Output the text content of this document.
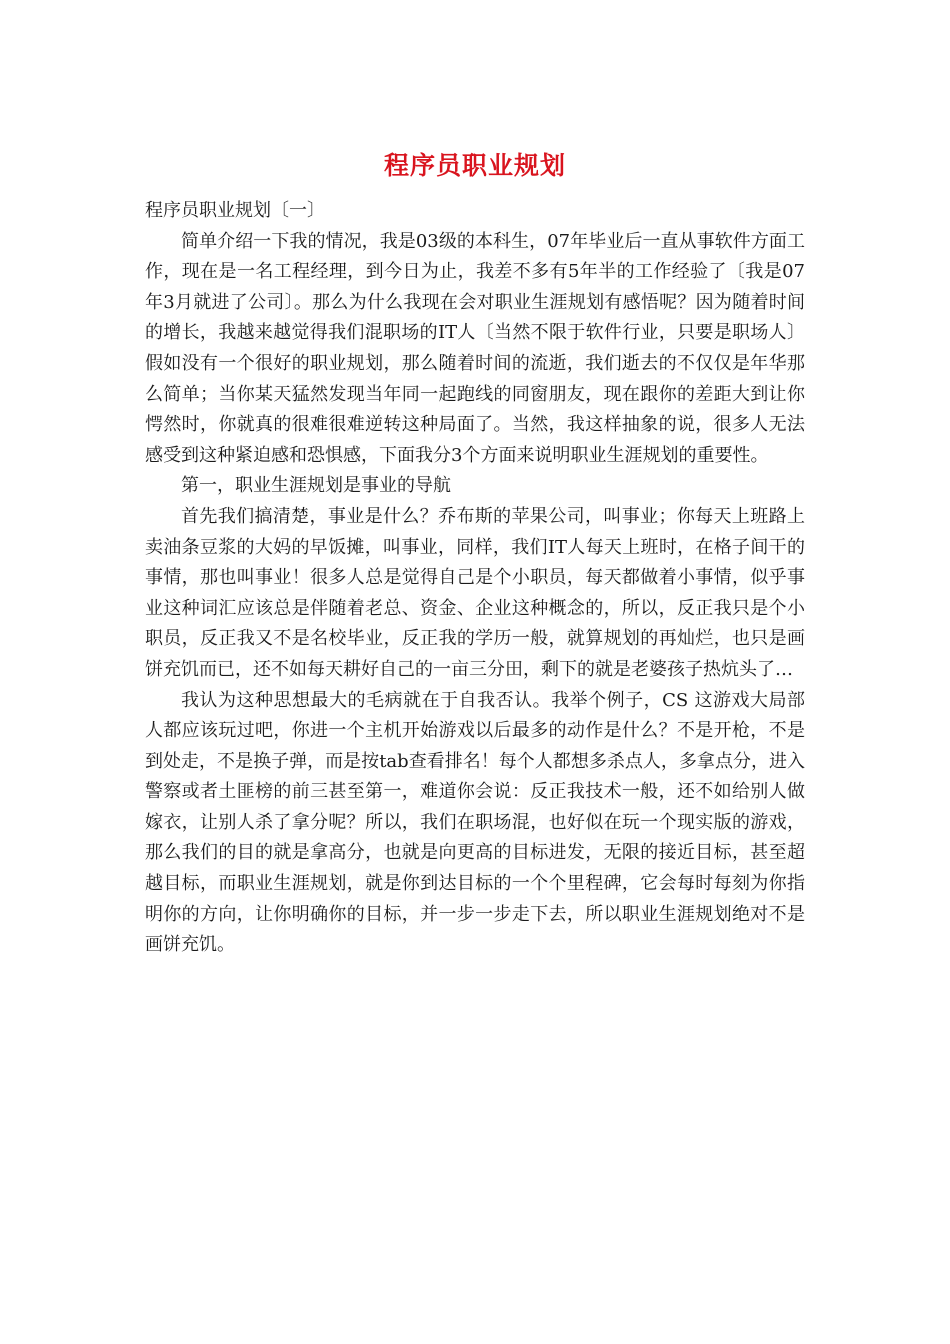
程序员职业规划

程序员职业规划〔一〕

简单介绍一下我的情况，我是03级的本科生，07年毕业后一直从事软件方面工作，现在是一名工程经理，到今日为止，我差不多有5年半的工作经验了〔我是07年3月就进了公司〕。那么为什么我现在会对职业生涯规划有感悟呢？因为随着时间的增长，我越来越觉得我们混职场的IT人〔当然不限于软件行业，只要是职场人〕假如没有一个很好的职业规划，那么随着时间的流逝，我们逝去的不仅仅是年华那么简单；当你某天猛然发现当年同一起跑线的同窗朋友，现在跟你的差距大到让你愕然时，你就真的很难很难逆转这种局面了。当然，我这样抽象的说，很多人无法感受到这种紧迫感和恐惧感，下面我分3个方面来说明职业生涯规划的重要性。

第一，职业生涯规划是事业的导航

首先我们搞清楚，事业是什么？乔布斯的苹果公司，叫事业；你每天上班路上卖油条豆浆的大妈的早饭摊，叫事业，同样，我们IT人每天上班时，在格子间干的事情，那也叫事业！很多人总是觉得自己是个小职员，每天都做着小事情，似乎事业这种词汇应该总是伴随着老总、资金、企业这种概念的，所以，反正我只是个小职员，反正我又不是名校毕业，反正我的学历一般，就算规划的再灿烂，也只是画饼充饥而已，还不如每天耕好自己的一亩三分田，剩下的就是老婆孩子热炕头了…

我认为这种思想最大的毛病就在于自我否认。我举个例子，CS 这游戏大局部人都应该玩过吧，你进一个主机开始游戏以后最多的动作是什么？不是开枪，不是到处走，不是换子弹，而是按tab查看排名！每个人都想多杀点人，多拿点分，进入警察或者土匪榜的前三甚至第一，难道你会说：反正我技术一般，还不如给别人做嫁衣，让别人杀了拿分呢？所以，我们在职场混，也好似在玩一个现实版的游戏，那么我们的目的就是拿高分，也就是向更高的目标进发，无限的接近目标，甚至超越目标，而职业生涯规划，就是你到达目标的一个个里程碑，它会每时每刻为你指明你的方向，让你明确你的目标，并一步一步走下去，所以职业生涯规划绝对不是画饼充饥。
